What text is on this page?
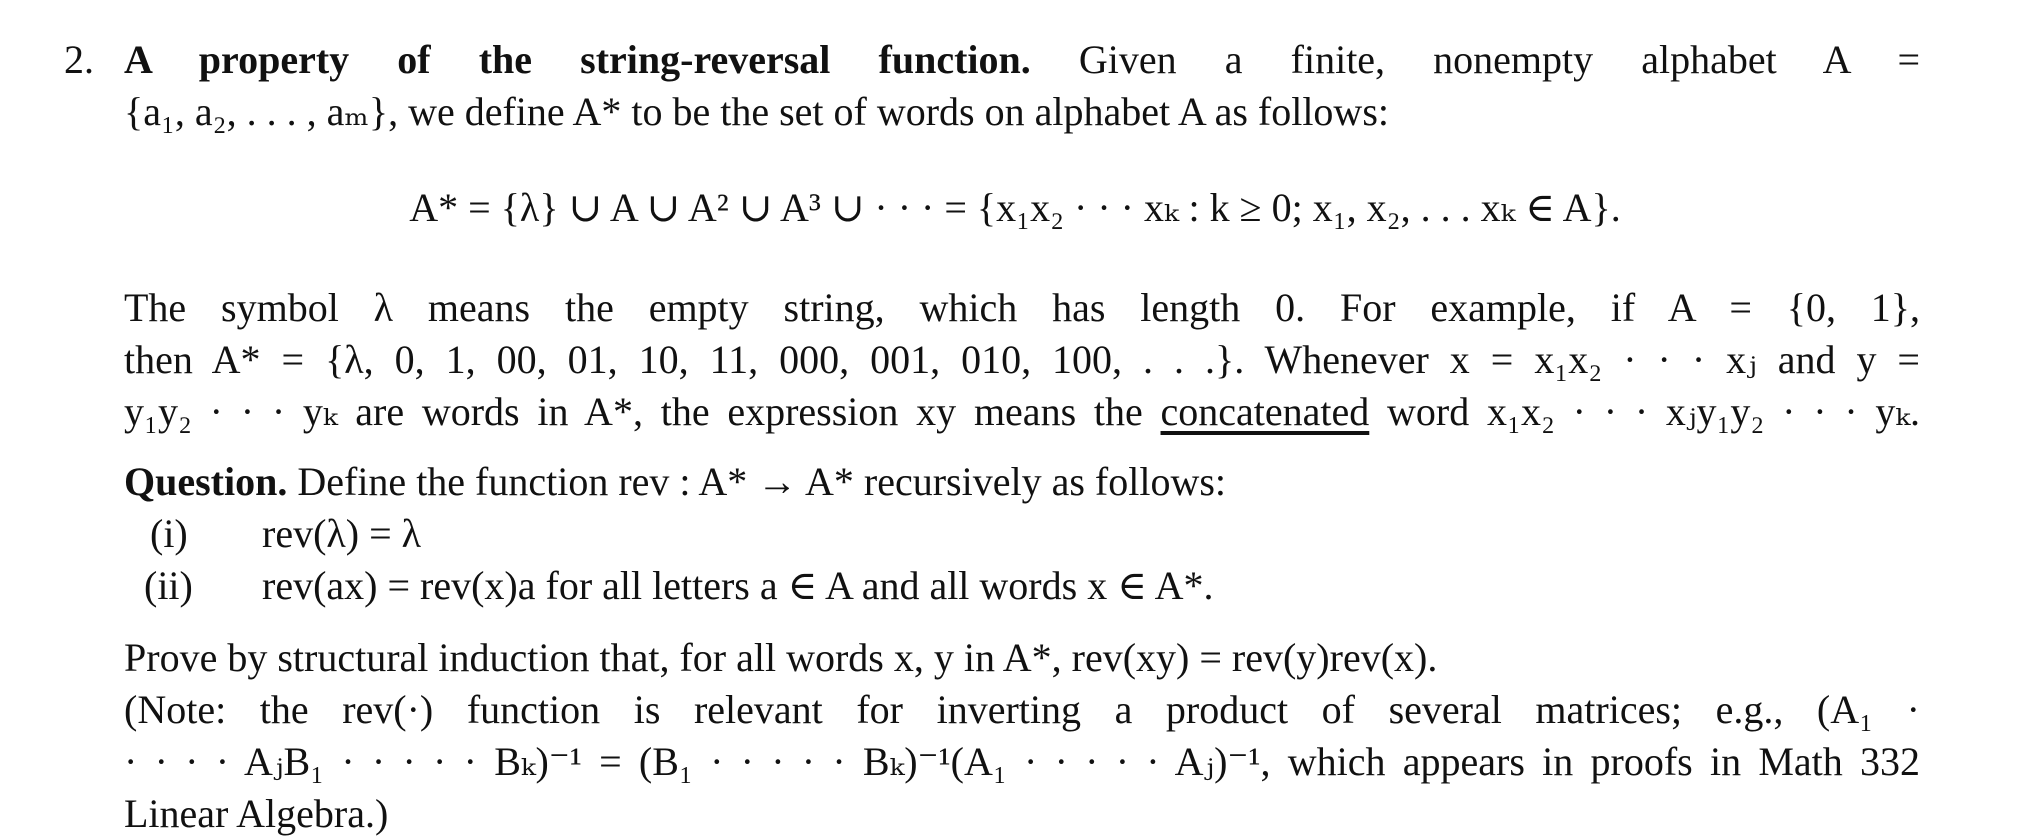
2. A property of the string-reversal function. Given a finite, nonempty alphabet A =
{a₁, a₂, . . . , aₘ}, we define A* to be the set of words on alphabet A as follows:
A* = {λ} ∪ A ∪ A² ∪ A³ ∪ · · · = {x₁x₂ · · · xₖ : k ≥ 0; x₁, x₂, . . . xₖ ∈ A}.
The symbol λ means the empty string, which has length 0. For example, if A = {0, 1},
then A* = {λ, 0, 1, 00, 01, 10, 11, 000, 001, 010, 100, . . .}. Whenever x = x₁x₂ · · · xⱼ and y =
y₁y₂ · · · yₖ are words in A*, the expression xy means the concatenated word x₁x₂ · · · xⱼy₁y₂ · · · yₖ.
Question. Define the function rev : A* → A* recursively as follows:
(i) rev(λ) = λ
(ii) rev(ax) = rev(x)a for all letters a ∈ A and all words x ∈ A*.
Prove by structural induction that, for all words x, y in A*, rev(xy) = rev(y)rev(x).
(Note: the rev(·) function is relevant for inverting a product of several matrices; e.g., (A₁ ·
· · · · AⱼB₁ · · · · · Bₖ)⁻¹ = (B₁ · · · · · Bₖ)⁻¹(A₁ · · · · · Aⱼ)⁻¹, which appears in proofs in Math 332
Linear Algebra.)
